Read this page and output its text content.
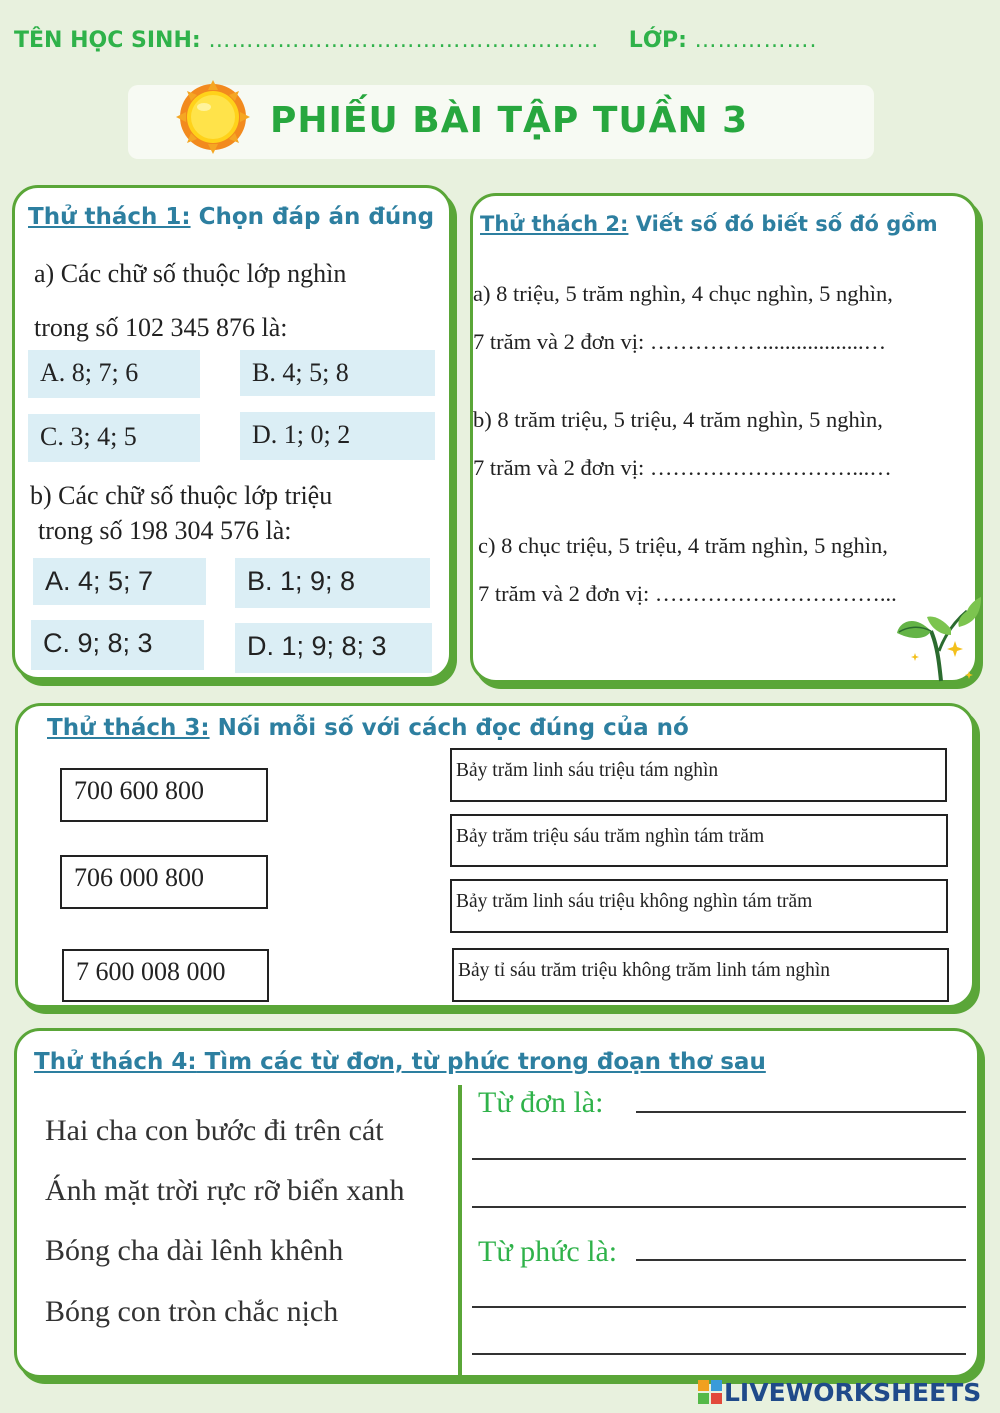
TÊN HỌC SINH: …………………………………………… LỚP: …………….
PHIẾU BÀI TẬP TUẦN 3
Thử thách 1: Chọn đáp án đúng
a) Các chữ số thuộc lớp nghìn
trong số 102 345 876 là:
A. 8; 7; 6	B. 4; 5; 8
C. 3; 4; 5	D. 1; 0; 2
b) Các chữ số thuộc lớp triệu
trong số 198 304 576 là:
A. 4; 5; 7	B. 1; 9; 8
C. 9; 8; 3	D. 1; 9; 8; 3
Thử thách 2: Viết số đó biết số đó gồm
a) 8 triệu, 5 trăm nghìn, 4 chục nghìn, 5 nghìn,
7 trăm và 2 đơn vị: ……………..................…
b) 8 trăm triệu, 5 triệu, 4 trăm nghìn, 5 nghìn,
7 trăm và 2 đơn vị: ………………………...…
c) 8 chục triệu, 5 triệu, 4 trăm nghìn, 5 nghìn,
7 trăm và 2 đơn vị: …………………………...
Thử thách 3: Nối mỗi số với cách đọc đúng của nó
700 600 800
706 000 800
7 600 008 000
Bảy trăm linh sáu triệu tám nghìn
Bảy trăm triệu sáu trăm nghìn tám trăm
Bảy trăm linh sáu triệu không nghìn tám trăm
Bảy tỉ sáu trăm triệu không trăm linh tám nghìn
Thử thách 4: Tìm các từ đơn, từ phức trong đoạn thơ sau
Hai cha con bước đi trên cát
Ánh mặt trời rực rỡ biển xanh
Bóng cha dài lênh khênh
Bóng con tròn chắc nịch
Từ đơn là:
Từ phức là:
LIVEWORKSHEETS
